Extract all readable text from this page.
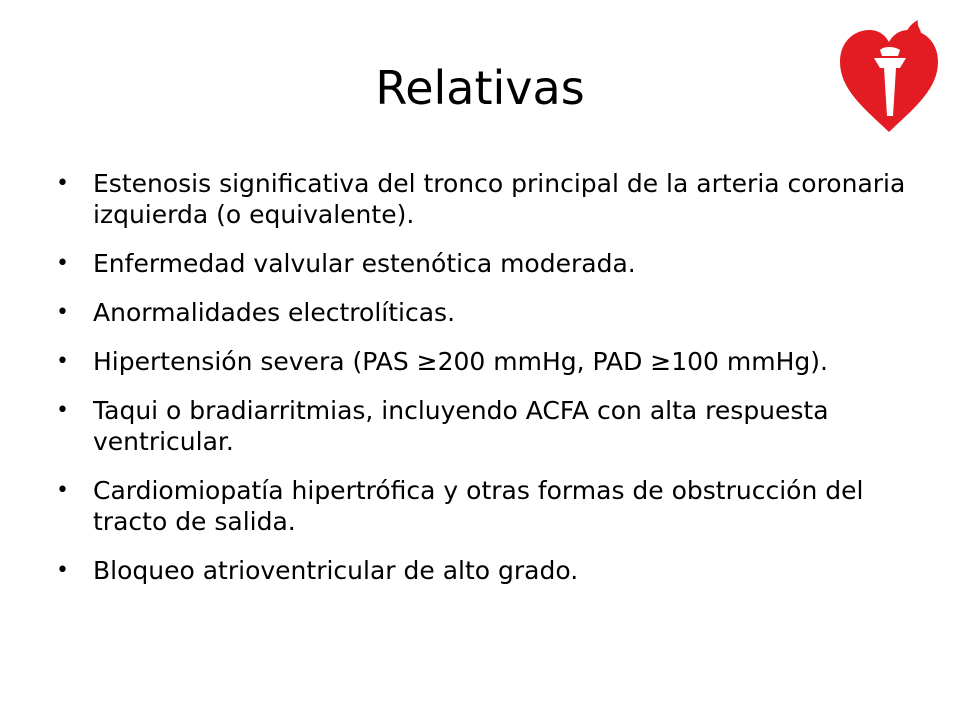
Relativas
• Estenosis significativa del tronco principal de la arteria coronaria izquierda (o equivalente).
• Enfermedad valvular estenótica moderada.
• Anormalidades electrolíticas.
• Hipertensión severa (PAS ≥200 mmHg, PAD ≥100 mmHg).
• Taqui o bradiarritmias, incluyendo ACFA con alta respuesta ventricular.
• Cardiomiopatía hipertrófica y otras formas de obstrucción del tracto de salida.
• Bloqueo atrioventricular de alto grado.
